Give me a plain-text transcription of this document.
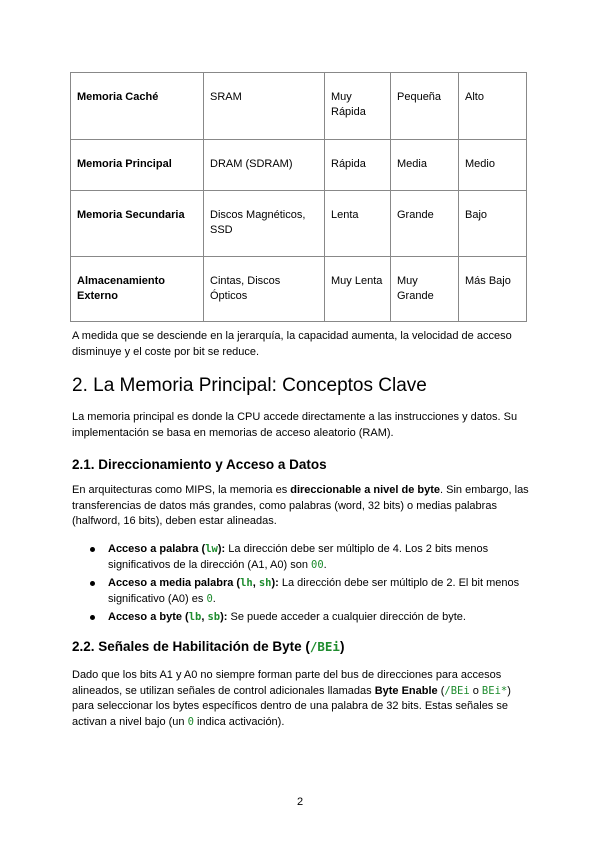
Memoria Caché	SRAM	Muy Rápida	Pequeña	Alto
Memoria Principal	DRAM (SDRAM)	Rápida	Media	Medio
Memoria Secundaria	Discos Magnéticos, SSD	Lenta	Grande	Bajo
Almacenamiento Externo	Cintas, Discos Ópticos	Muy Lenta	Muy Grande	Más Bajo

A medida que se desciende en la jerarquía, la capacidad aumenta, la velocidad de acceso disminuye y el coste por bit se reduce.

2. La Memoria Principal: Conceptos Clave

La memoria principal es donde la CPU accede directamente a las instrucciones y datos. Su implementación se basa en memorias de acceso aleatorio (RAM).

2.1. Direccionamiento y Acceso a Datos

En arquitecturas como MIPS, la memoria es direccionable a nivel de byte. Sin embargo, las transferencias de datos más grandes, como palabras (word, 32 bits) o medias palabras (halfword, 16 bits), deben estar alineadas.

Acceso a palabra (lw): La dirección debe ser múltiplo de 4. Los 2 bits menos significativos de la dirección (A1, A0) son 00.
Acceso a media palabra (lh, sh): La dirección debe ser múltiplo de 2. El bit menos significativo (A0) es 0.
Acceso a byte (lb, sb): Se puede acceder a cualquier dirección de byte.
2.2. Señales de Habilitación de Byte (/BEi)

Dado que los bits A1 y A0 no siempre forman parte del bus de direcciones para accesos alineados, se utilizan señales de control adicionales llamadas Byte Enable (/BEi o BEi*) para seleccionar los bytes específicos dentro de una palabra de 32 bits. Estas señales se activan a nivel bajo (un 0 indica activación).

2
